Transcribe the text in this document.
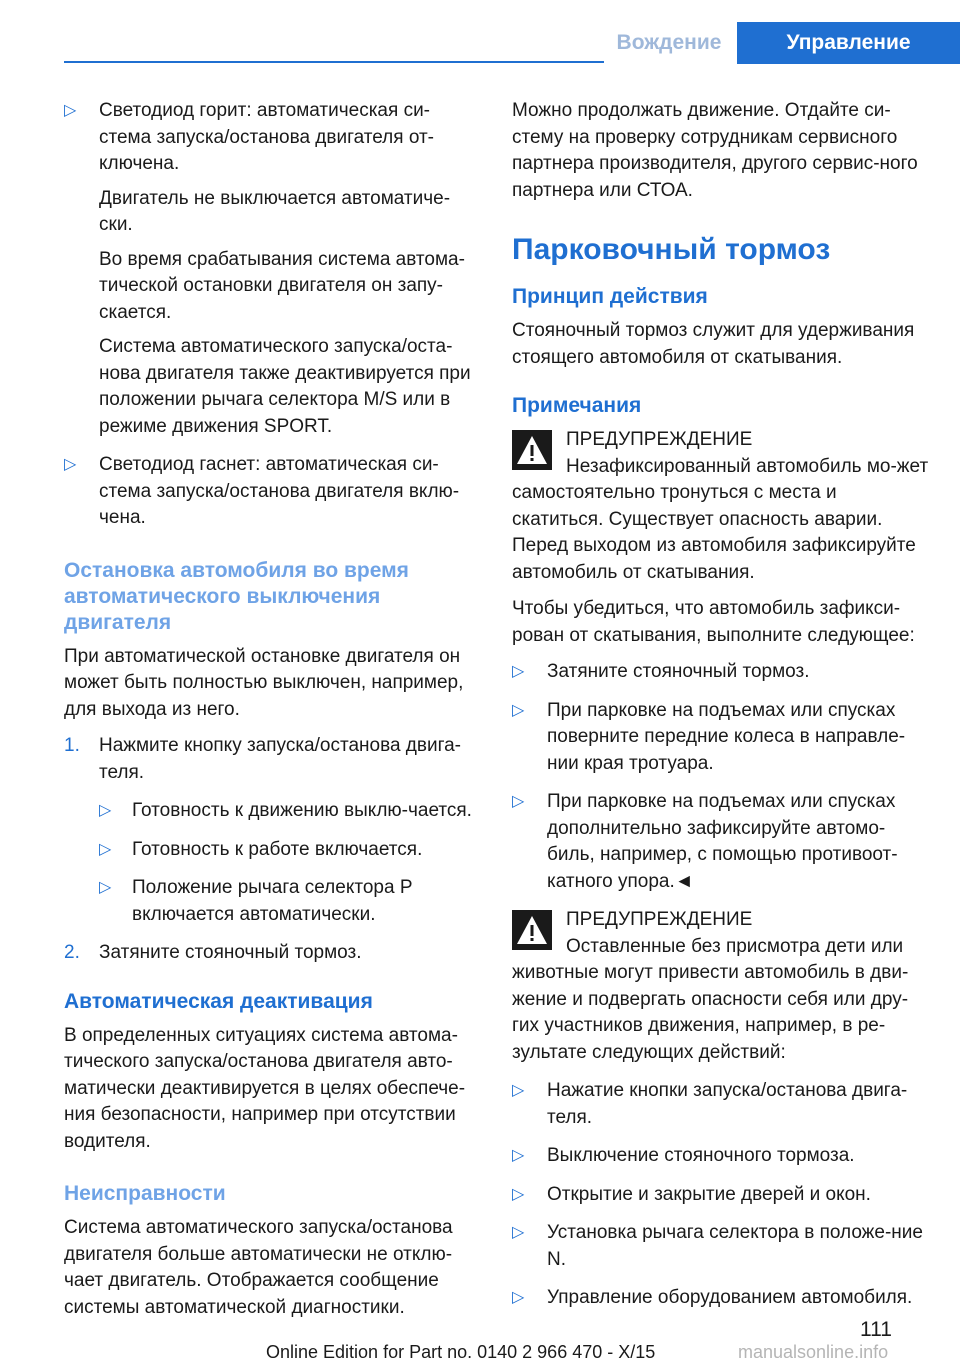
Вождение	Управление
▷ Светодиод горит: автоматическая си-стема запуска/останова двигателя от-ключена.

Двигатель не выключается автоматиче-ски.

Во время срабатывания система автома-тической остановки двигателя он запу-скается.

Система автоматического запуска/оста-нова двигателя также деактивируется при положении рычага селектора M/S или в режиме движения SPORT.

▷ Светодиод гаснет: автоматическая си-стема запуска/останова двигателя вклю-чена.

Остановка автомобиля во время автоматического выключения двигателя

При автоматической остановке двигателя он может быть полностью выключен, например, для выхода из него.

1. Нажмите кнопку запуска/останова двига-теля.

▷ Готовность к движению выклю-чается.

▷ Готовность к работе включается.

▷ Положение рычага селектора P включается автоматически.

2. Затяните стояночный тормоз.

Автоматическая деактивация

В определенных ситуациях система автома-тического запуска/останова двигателя авто-матически деактивируется в целях обеспече-ния безопасности, например при отсутствии водителя.

Неисправности

Система автоматического запуска/останова двигателя больше автоматически не отклю-чает двигатель. Отображается сообщение системы автоматической диагностики.

Можно продолжать движение. Отдайте си-стему на проверку сотрудникам сервисного партнера производителя, другого сервис-ного партнера или СТОА.

Парковочный тормоз
Принцип действия

Стояночный тормоз служит для удерживания стоящего автомобиля от скатывания.

Примечания
ПРЕДУПРЕЖДЕНИЕ
Незафиксированный автомобиль мо-жет самостоятельно тронуться с места и скатиться. Существует опасность аварии. Перед выходом из автомобиля зафиксируйте автомобиль от скатывания.

Чтобы убедиться, что автомобиль зафикси-рован от скатывания, выполните следующее:

▷ Затяните стояночный тормоз.

▷ При парковке на подъемах или спусках поверните передние колеса в направле-нии края тротуара.

▷ При парковке на подъемах или спусках дополнительно зафиксируйте автомо-биль, например, с помощью противоот-катного упора.◄

ПРЕДУПРЕЖДЕНИЕ
Оставленные без присмотра дети или животные могут привести автомобиль в дви-жение и подвергать опасности себя или дру-гих участников движения, например, в ре-зультате следующих действий:
▷ Нажатие кнопки запуска/останова двига-теля.

▷ Выключение стояночного тормоза.

▷ Открытие и закрытие дверей и окон.

▷ Установка рычага селектора в положе-ние N.

▷ Управление оборудованием автомобиля.

111
Online Edition for Part no. 0140 2 966 470 - X/15	manualsonline.info
